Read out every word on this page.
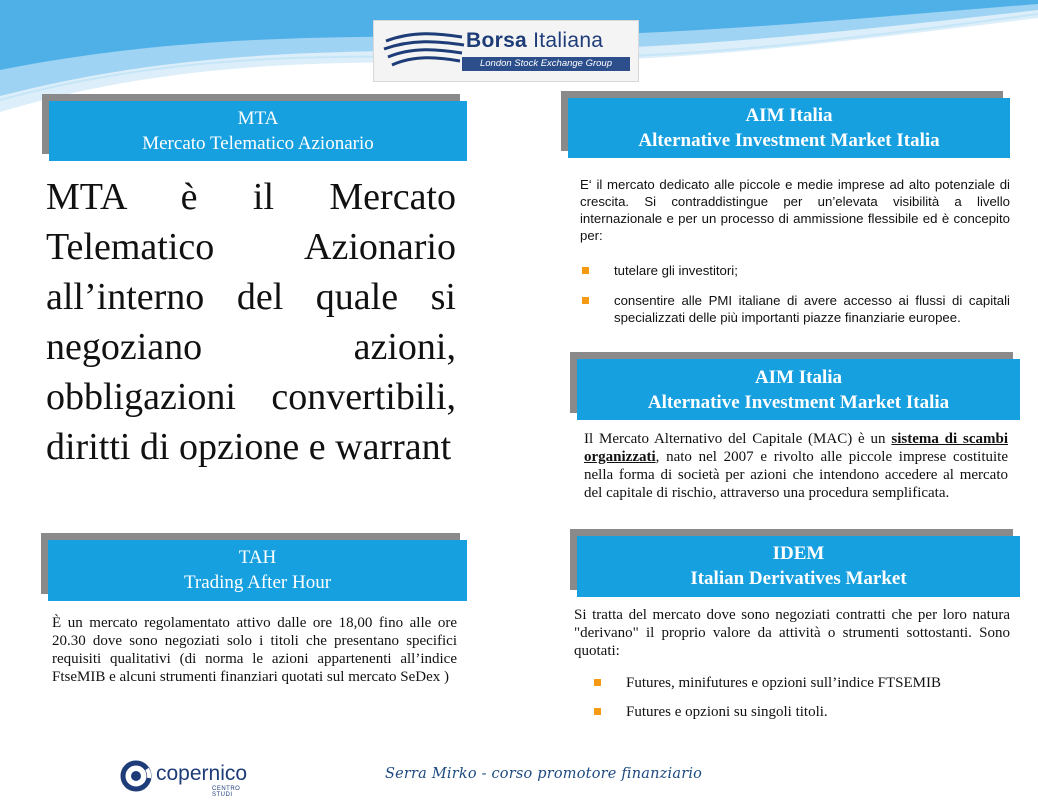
Borsa Italiana
London Stock Exchange Group
MTA
Mercato Telematico Azionario
MTA è il Mercato Telematico Azionario all’interno del quale si negoziano azioni, obbligazioni convertibili, diritti di opzione e warrant
TAH
Trading After Hour
È un mercato regolamentato attivo dalle ore 18,00 fino alle ore 20.30 dove sono negoziati solo i titoli che presentano specifici requisiti qualitativi (di norma le azioni appartenenti all’indice FtseMIB e alcuni strumenti finanziari quotati sul mercato SeDex )
AIM Italia
Alternative Investment Market Italia
E‘ il mercato dedicato alle piccole e medie imprese ad alto potenziale di crescita. Si contraddistingue per un’elevata visibilità a livello internazionale e per un processo di ammissione flessibile ed è concepito per:
tutelare gli investitori;
consentire alle PMI italiane di avere accesso ai flussi di capitali specializzati delle più importanti piazze finanziarie europee.
AIM Italia
Alternative Investment Market Italia
Il Mercato Alternativo del Capitale (MAC) è un sistema di scambi organizzati, nato nel 2007 e rivolto alle piccole imprese costituite nella forma di società per azioni che intendono accedere al mercato del capitale di rischio, attraverso una procedura semplificata.
IDEM
Italian Derivatives Market
Si tratta del mercato dove sono negoziati contratti che per loro natura "derivano" il proprio valore da attività o strumenti sottostanti. Sono quotati:
Futures, minifutures e opzioni sull’indice FTSEMIB
Futures e opzioni su singoli titoli.
copernico
CENTRO STUDI
Serra Mirko - corso promotore finanziario
